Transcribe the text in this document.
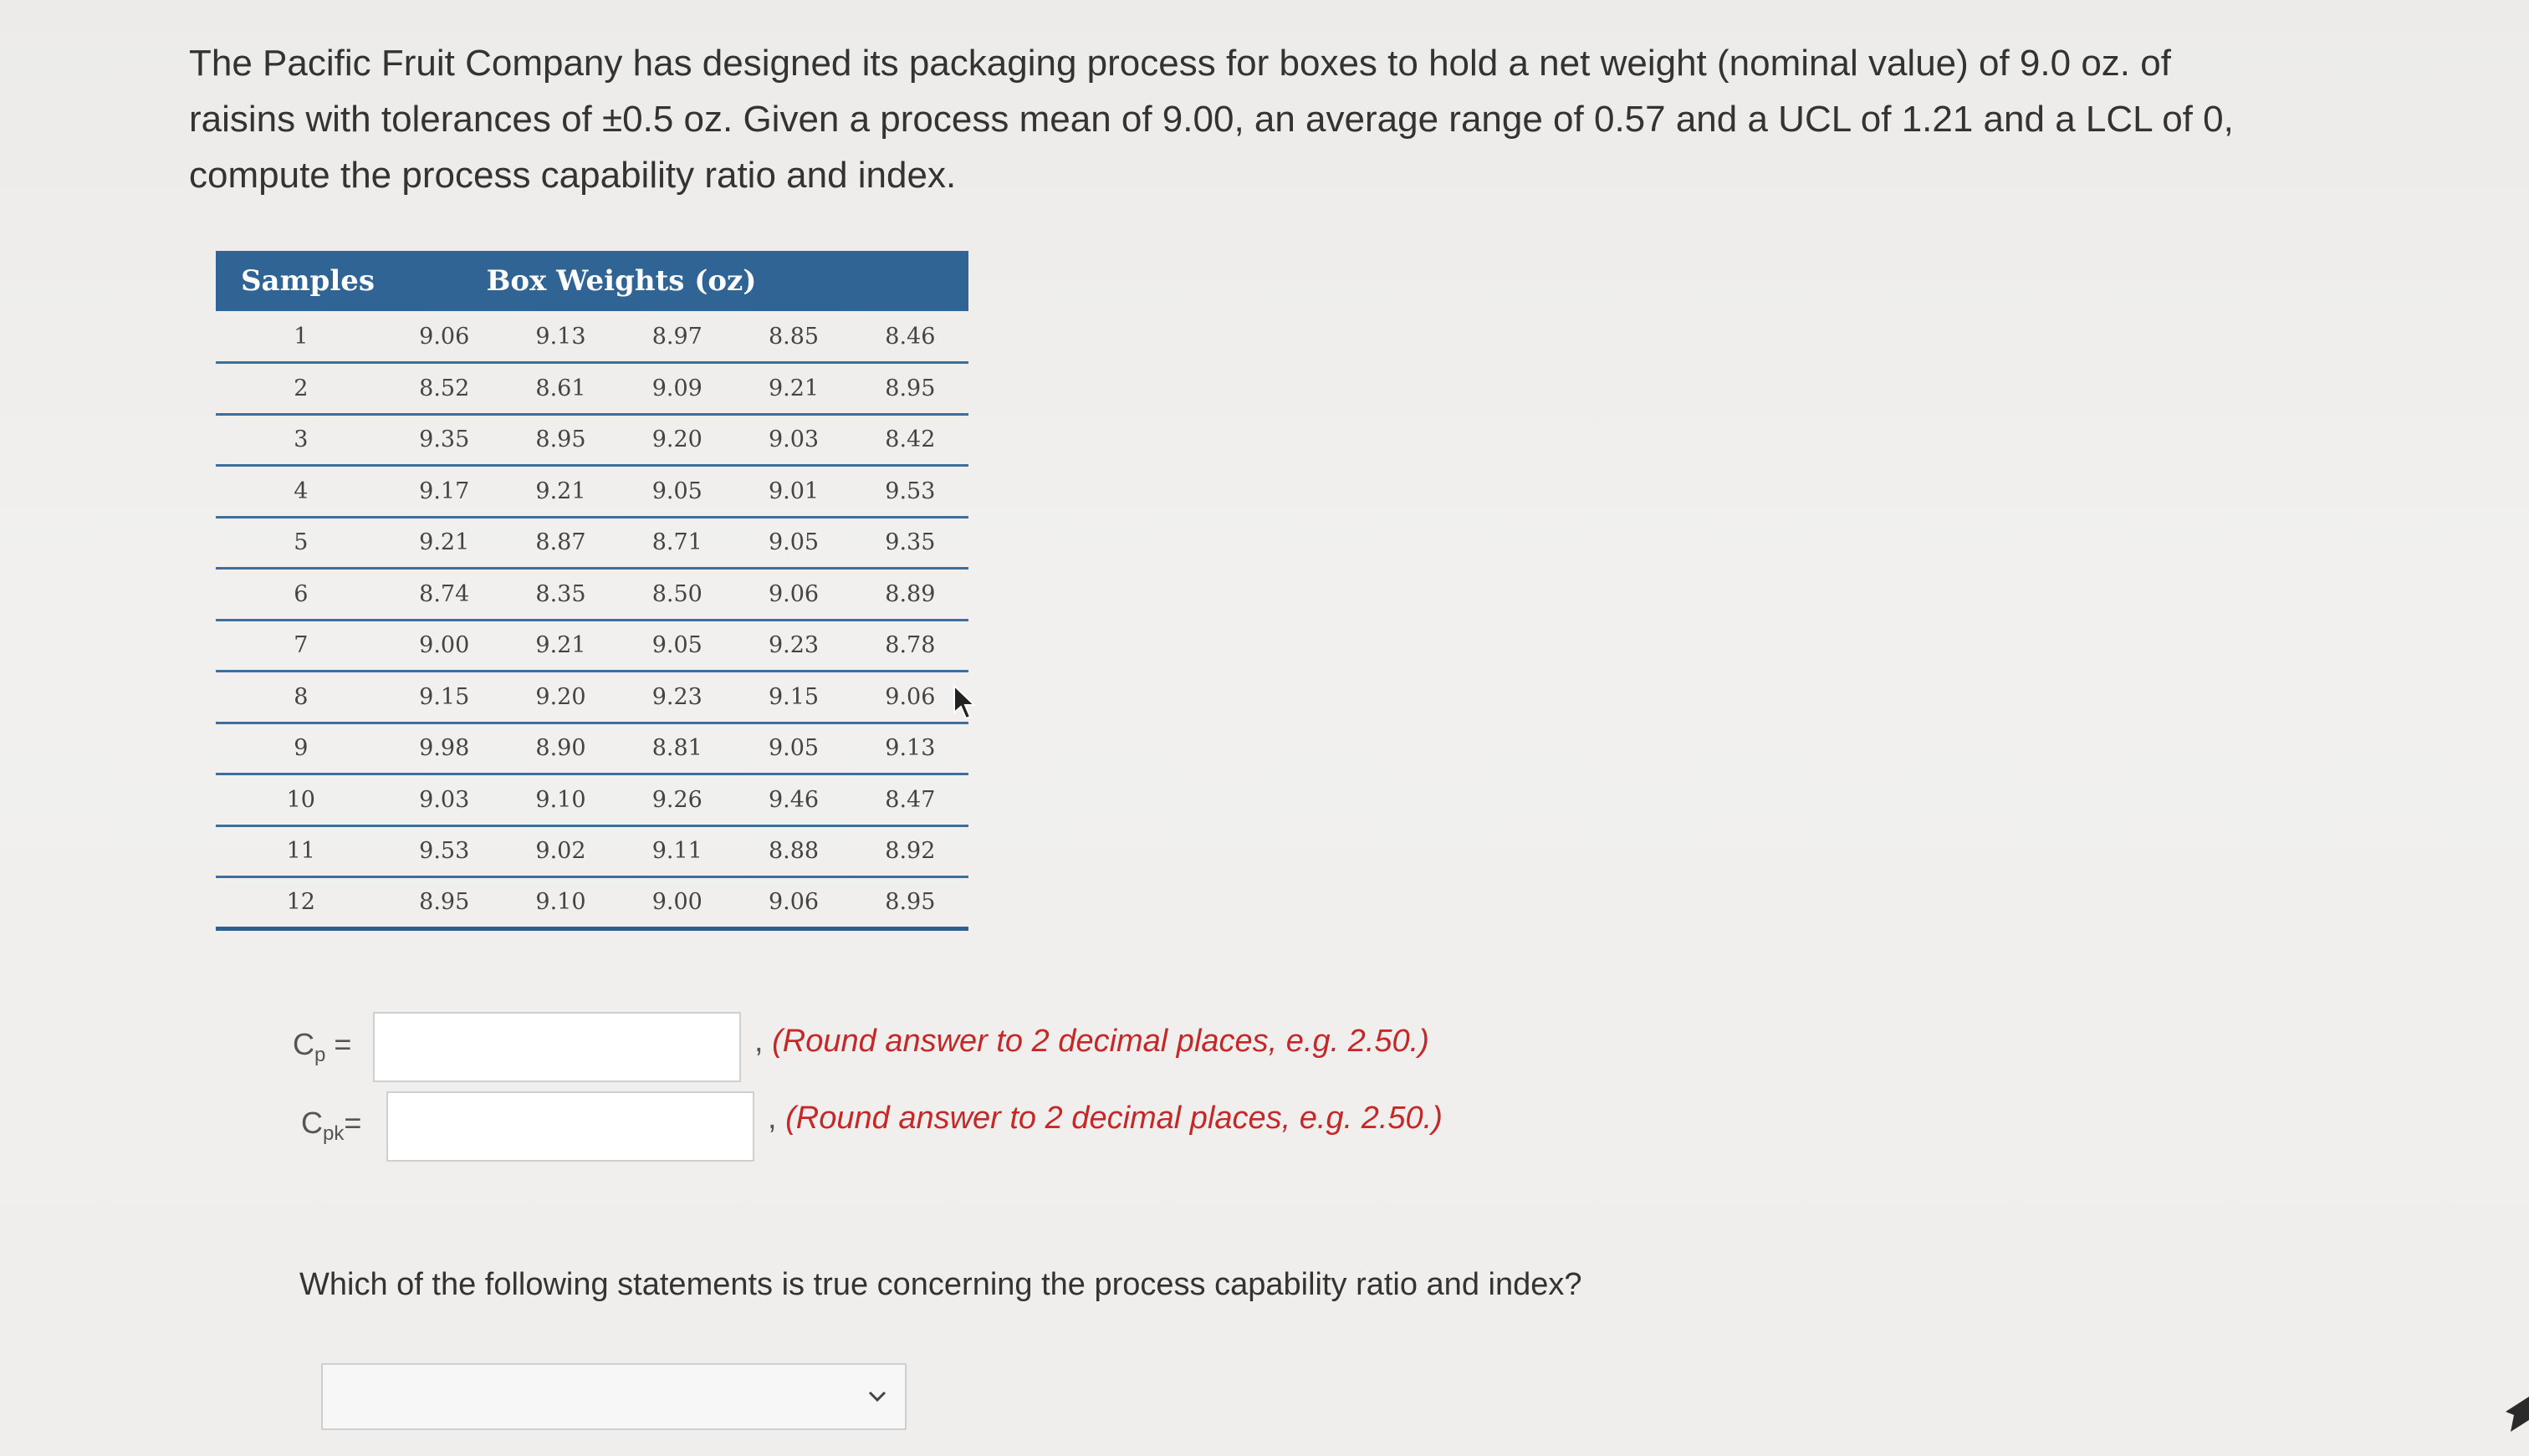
The Pacific Fruit Company has designed its packaging process for boxes to hold a net weight (nominal value) of 9.0 oz. of raisins with tolerances of ±0.5 oz. Given a process mean of 9.00, an average range of 0.57 and a UCL of 1.21 and a LCL of 0, compute the process capability ratio and index.

Samples	Box Weights (oz)				
1	9.06	9.13	8.97	8.85	8.46
2	8.52	8.61	9.09	9.21	8.95
3	9.35	8.95	9.20	9.03	8.42
4	9.17	9.21	9.05	9.01	9.53
5	9.21	8.87	8.71	9.05	9.35
6	8.74	8.35	8.50	9.06	8.89
7	9.00	9.21	9.05	9.23	8.78
8	9.15	9.20	9.23	9.15	9.06
9	9.98	8.90	8.81	9.05	9.13
10	9.03	9.10	9.26	9.46	8.47
11	9.53	9.02	9.11	8.88	8.92
12	8.95	9.10	9.00	9.06	8.95
$C_p$ =	, (Round answer to 2 decimal places, e.g. 2.50.)
$C_{pk}=$	, (Round answer to 2 decimal places, e.g. 2.50.)

Which of the following statements is true concerning the process capability ratio and index?
